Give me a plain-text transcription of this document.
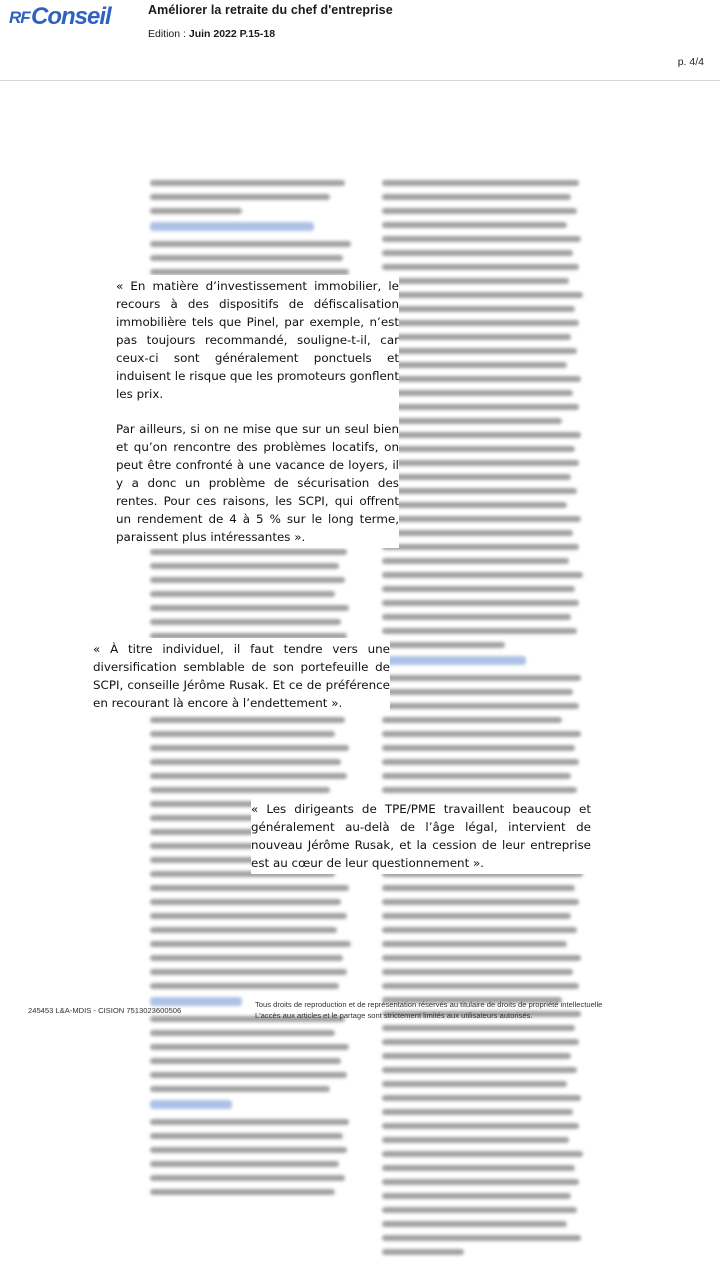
RF Conseil	Améliorer la retraite du chef d'entreprise
Edition : Juin 2022 P.15-18
p. 4/4

« En matière d’investissement immobilier, le recours à des dispositifs de défiscalisation immobilière tels que Pinel, par exemple, n’est pas toujours recommandé, souligne-t-il, car ceux-ci sont généralement ponctuels et induisent le risque que les promoteurs gonflent les prix.

Par ailleurs, si on ne mise que sur un seul bien et qu’on rencontre des problèmes locatifs, on peut être confronté à une vacance de loyers, il y a donc un problème de sécurisation des rentes. Pour ces raisons, les SCPI, qui offrent un rendement de 4 à 5 % sur le long terme, paraissent plus intéressantes ».

« À titre individuel, il faut tendre vers une diversification semblable de son portefeuille de SCPI, conseille Jérôme Rusak. Et ce de préférence en recourant là encore à l’endettement ».

« Les dirigeants de TPE/PME travaillent beaucoup et généralement au-delà de l’âge légal, intervient de nouveau Jérôme Rusak, et la cession de leur entreprise est au cœur de leur questionnement ».

245453 L&A-MDIS - CISION 7513023600506
Tous droits de reproduction et de représentation réservés au titulaire de droits de propriété intellectuelle
L'accès aux articles et le partage sont strictement limités aux utilisateurs autorisés.
